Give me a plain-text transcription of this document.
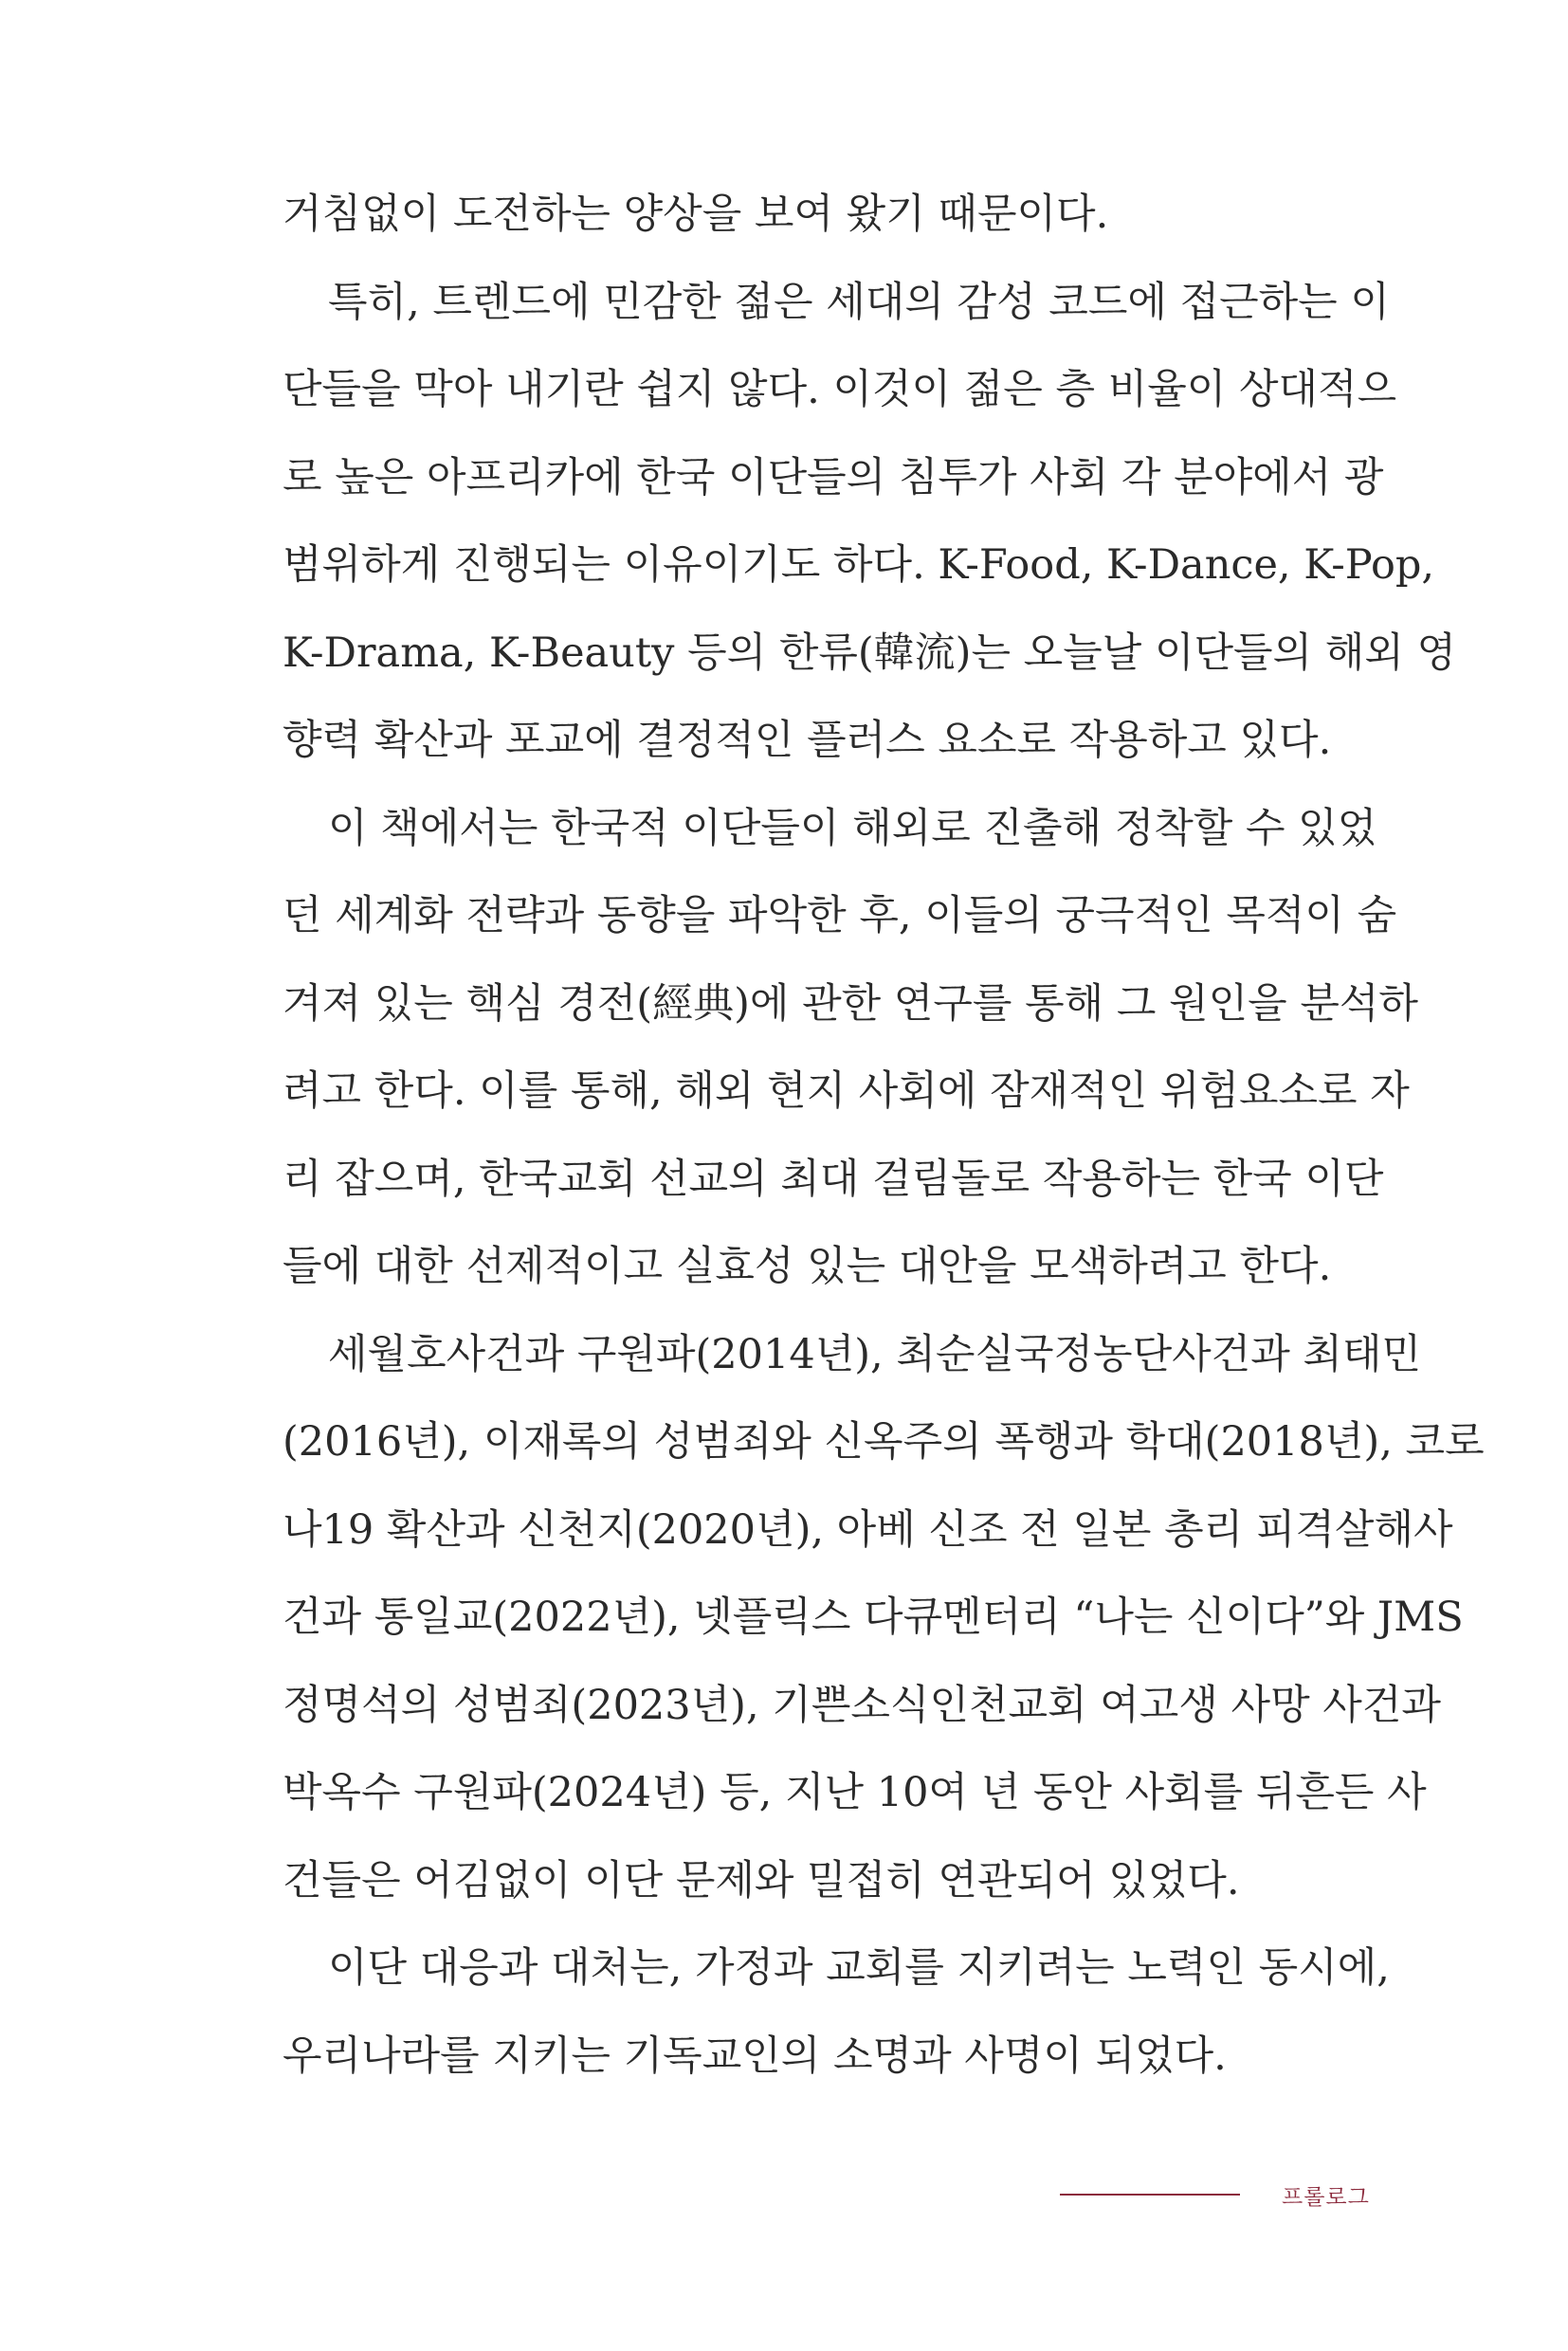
거침없이 도전하는 양상을 보여 왔기 때문이다.
특히, 트렌드에 민감한 젊은 세대의 감성 코드에 접근하는 이
단들을 막아 내기란 쉽지 않다. 이것이 젊은 층 비율이 상대적으
로 높은 아프리카에 한국 이단들의 침투가 사회 각 분야에서 광
범위하게 진행되는 이유이기도 하다. K-Food, K-Dance, K-Pop,
K-Drama, K-Beauty 등의 한류(韓流)는 오늘날 이단들의 해외 영
향력 확산과 포교에 결정적인 플러스 요소로 작용하고 있다.
이 책에서는 한국적 이단들이 해외로 진출해 정착할 수 있었
던 세계화 전략과 동향을 파악한 후, 이들의 궁극적인 목적이 숨
겨져 있는 핵심 경전(經典)에 관한 연구를 통해 그 원인을 분석하
려고 한다. 이를 통해, 해외 현지 사회에 잠재적인 위험요소로 자
리 잡으며, 한국교회 선교의 최대 걸림돌로 작용하는 한국 이단
들에 대한 선제적이고 실효성 있는 대안을 모색하려고 한다.
세월호사건과 구원파(2014년), 최순실국정농단사건과 최태민
(2016년), 이재록의 성범죄와 신옥주의 폭행과 학대(2018년), 코로
나19 확산과 신천지(2020년), 아베 신조 전 일본 총리 피격살해사
건과 통일교(2022년), 넷플릭스 다큐멘터리 “나는 신이다”와 JMS
정명석의 성범죄(2023년), 기쁜소식인천교회 여고생 사망 사건과
박옥수 구원파(2024년) 등, 지난 10여 년 동안 사회를 뒤흔든 사
건들은 어김없이 이단 문제와 밀접히 연관되어 있었다.
이단 대응과 대처는, 가정과 교회를 지키려는 노력인 동시에,
우리나라를 지키는 기독교인의 소명과 사명이 되었다.
프롤로그
